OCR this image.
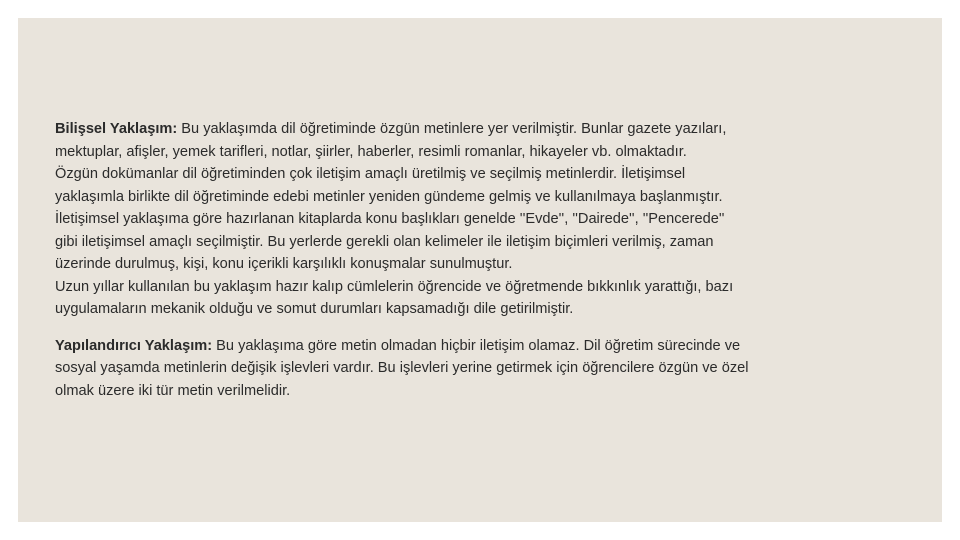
Bilişsel Yaklaşım: Bu yaklaşımda dil öğretiminde özgün metinlere yer verilmiştir. Bunlar gazete yazıları,
mektuplar, afişler, yemek tarifleri, notlar, şiirler, haberler, resimli romanlar, hikayeler vb. olmaktadır.
Özgün dokümanlar dil öğretiminden çok iletişim amaçlı üretilmiş ve seçilmiş metinlerdir. İletişimsel
yaklaşımla birlikte dil öğretiminde edebi metinler yeniden gündeme gelmiş ve kullanılmaya başlanmıştır.
İletişimsel yaklaşıma göre hazırlanan kitaplarda konu başlıkları genelde ''Evde'', ''Dairede'', ''Pencerede''
gibi iletişimsel amaçlı seçilmiştir. Bu yerlerde gerekli olan kelimeler ile iletişim biçimleri verilmiş, zaman
üzerinde durulmuş, kişi, konu içerikli karşılıklı konuşmalar sunulmuştur.
Uzun yıllar kullanılan bu yaklaşım hazır kalıp cümlelerin öğrencide ve öğretmende bıkkınlık yarattığı, bazı
uygulamaların mekanik olduğu ve somut durumları kapsamadığı dile getirilmiştir.
Yapılandırıcı Yaklaşım: Bu yaklaşıma göre metin olmadan hiçbir iletişim olamaz. Dil öğretim sürecinde ve
sosyal yaşamda metinlerin değişik işlevleri vardır. Bu işlevleri yerine getirmek için öğrencilere özgün ve özel
olmak üzere iki tür metin verilmelidir.
